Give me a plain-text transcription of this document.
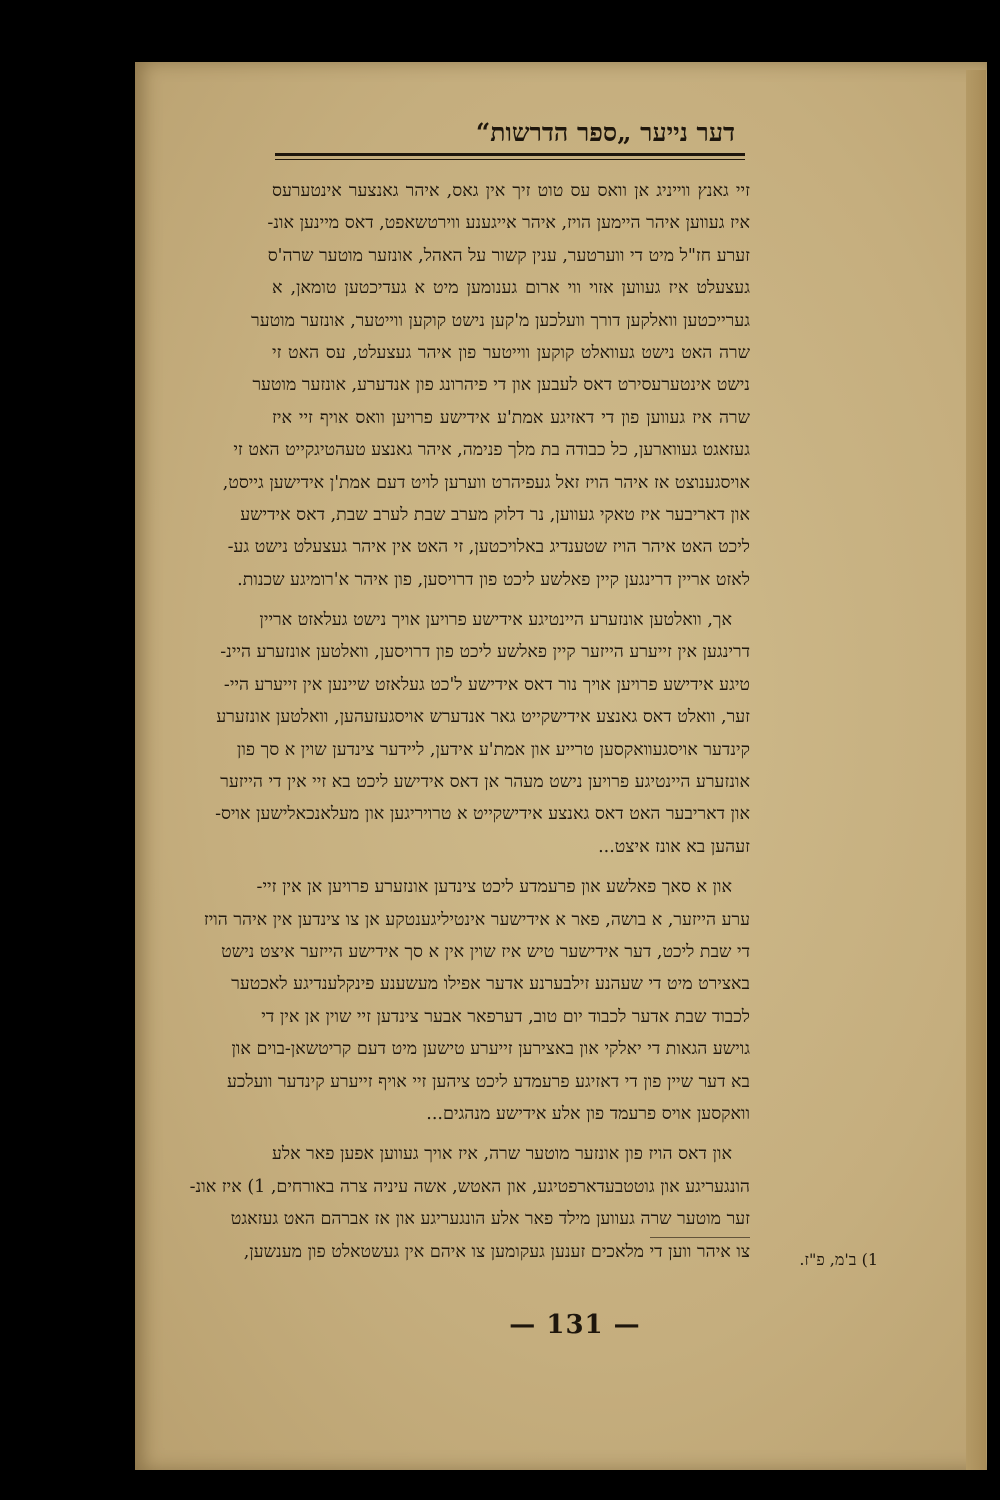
דער נייער „ספר הדרשות“
זיי גאנץ ווייניג אן וואס עס טוט זיך אין גאס, איהר גאנצער אינטערעס
איז געווען איהר היימען הויז, איהר אייגענע ווירטשאפט, דאס מיינען אונ-
זערע חז"ל מיט די ווערטער, ענין קשור על האהל, אונזער מוטער שרה'ס
געצעלט איז געווען אזוי ווי ארום גענומען מיט א געדיכטען טומאן, א
גערייכטען וואלקען דורך וועלכען מ'קען נישט קוקען ווייטער, אונזער מוטער
שרה האט נישט געוואלט קוקען ווייטער פון איהר געצעלט, עס האט זי
נישט אינטערעסירט דאס לעבען און די פיהרונג פון אנדערע, אונזער מוטער
שרה איז געווען פון די דאזיגע אמת'ע אידישע פרויען וואס אויף זיי איז
געזאגט געווארען, כל כבודה בת מלך פנימה, איהר גאנצע טעהטיגקייט האט זי
אויסגענוצט אז איהר הויז זאל געפיהרט ווערען לויט דעם אמת'ן אידישען גייסט,
און דאריבער איז טאקי געווען, נר דלוק מערב שבת לערב שבת, דאס אידישע
ליכט האט איהר הויז שטענדיג באלויכטען, זי האט אין איהר געצעלט נישט גע-
לאזט אריין דרינגען קיין פאלשע ליכט פון דרויסען, פון איהר א'רומיגע שכנות.
אך, וואלטען אונזערע היינטיגע אידישע פרויען אויך נישט געלאזט אריין
דרינגען אין זייערע הייזער קיין פאלשע ליכט פון דרויסען, וואלטען אונזערע היינ-
טיגע אידישע פרויען אויך נור דאס אידישע ל'כט געלאזט שיינען אין זייערע היי-
זער, וואלט דאס גאנצע אידישקייט גאר אנדערש אויסגעזעהען, וואלטען אונזערע
קינדער אויסגעוואקסען טרייע און אמת'ע אידען, ליידער צינדען שוין א סך פון
אונזערע היינטיגע פרויען נישט מעהר אן דאס אידישע ליכט בא זיי אין די הייזער
און דאריבער האט דאס גאנצע אידישקייט א טרויריגען און מעלאנכאלישען אויס-
זעהען בא אונז איצט...
און א סאך פאלשע און פרעמדע ליכט צינדען אונזערע פרויען אן אין זיי-
ערע הייזער, א בושה, פאר א אידישער אינטיליגענטקע אן צו צינדען אין איהר הויז
די שבת ליכט, דער אידישער טיש איז שוין אין א סך אידישע הייזער איצט נישט
באצירט מיט די שעהנע זילבערנע אדער אפילו מעשענע פינקלענדיגע לאכטער
לכבוד שבת אדער לכבוד יום טוב, דערפאר אבער צינדען זיי שוין אן אין די
גוישע הגאות די יאלקי און באצירען זייערע טישען מיט דעם קריטשאן-בוים און
בא דער שיין פון די דאזיגע פרעמדע ליכט ציהען זיי אויף זייערע קינדער וועלכע
וואקסען אויס פרעמד פון אלע אידישע מנהגים...
און דאס הויז פון אונזער מוטער שרה, איז אויך געווען אפען פאר אלע
הונגעריגע און גוטטבעדארפטיגע, און האטש, אשה עיניה צרה באורחים, 1) איז אונ-
זער מוטער שרה געווען מילד פאר אלע הונגעריגע און אז אברהם האט געזאגט
צו איהר ווען די מלאכים זענען געקומען צו איהם אין געשטאלט פון מענשען,	1) ב'מ, פ"ז.
— 131 —
